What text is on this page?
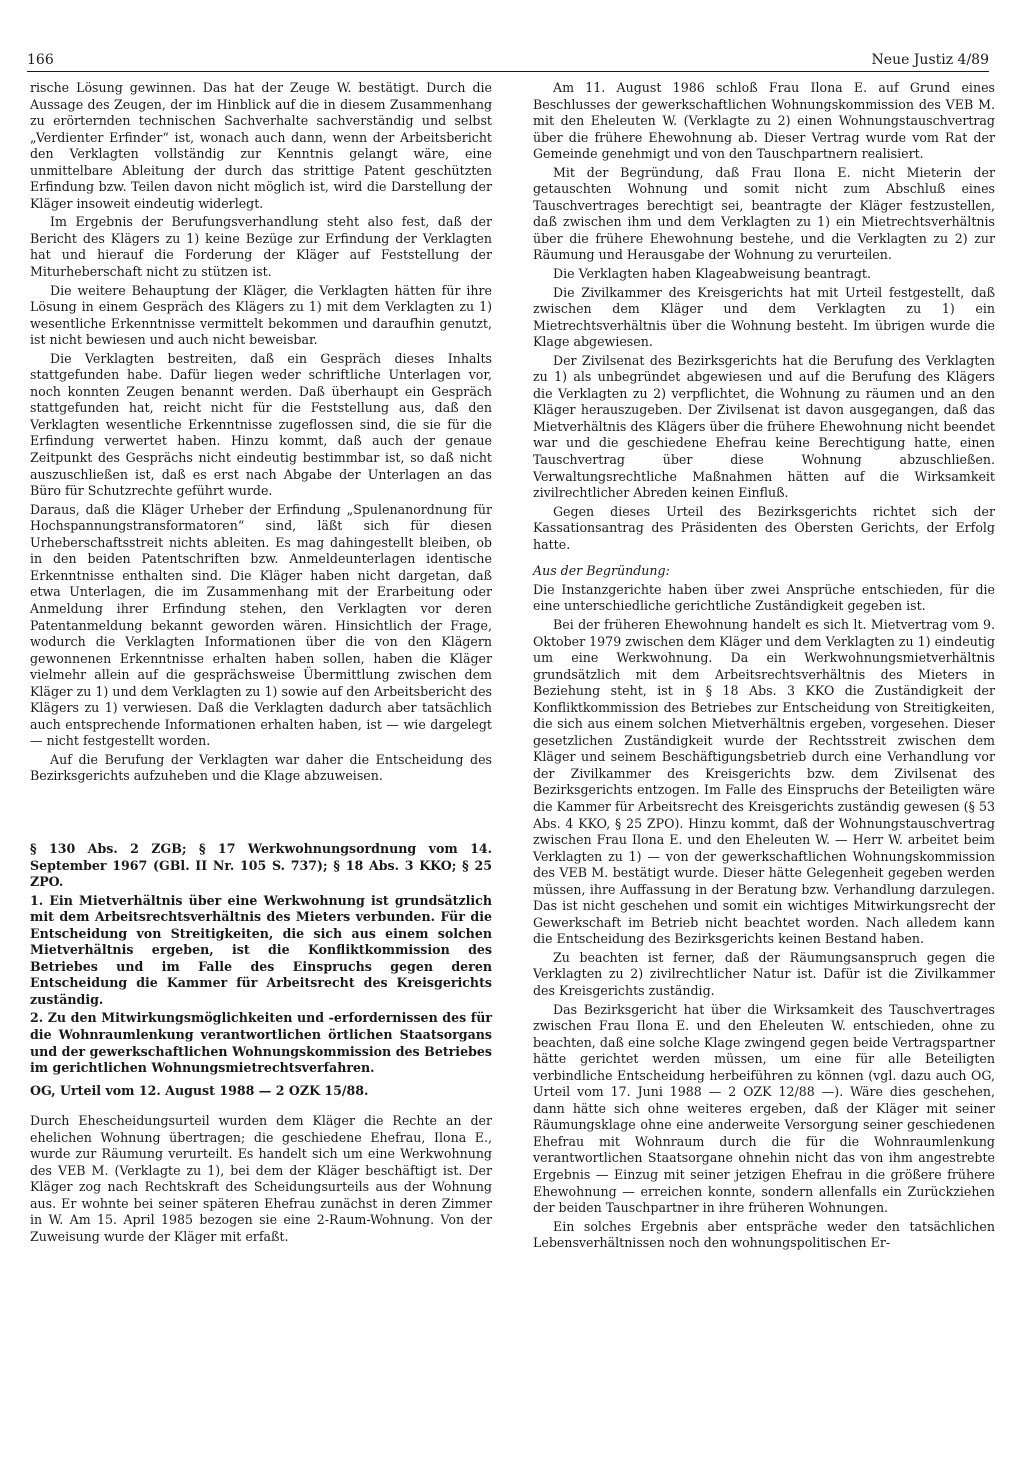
166	Neue Justiz 4/89

rische Lösung gewinnen. Das hat der Zeuge W. bestätigt. Durch die Aussage des Zeugen, der im Hinblick auf die in diesem Zusammenhang zu erörternden technischen Sachverhalte sachverständig und selbst „Verdienter Erfinder“ ist, wonach auch dann, wenn der Arbeitsbericht den Verklagten vollständig zur Kenntnis gelangt wäre, eine unmittelbare Ableitung der durch das strittige Patent geschützten Erfindung bzw. Teilen davon nicht möglich ist, wird die Darstellung der Kläger insoweit eindeutig widerlegt.

Im Ergebnis der Berufungsverhandlung steht also fest, daß der Bericht des Klägers zu 1) keine Bezüge zur Erfindung der Verklagten hat und hierauf die Forderung der Kläger auf Feststellung der Miturheberschaft nicht zu stützen ist.

Die weitere Behauptung der Kläger, die Verklagten hätten für ihre Lösung in einem Gespräch des Klägers zu 1) mit dem Verklagten zu 1) wesentliche Erkenntnisse vermittelt bekommen und daraufhin genutzt, ist nicht bewiesen und auch nicht beweisbar.

Die Verklagten bestreiten, daß ein Gespräch dieses Inhalts stattgefunden habe. Dafür liegen weder schriftliche Unterlagen vor, noch konnten Zeugen benannt werden. Daß überhaupt ein Gespräch stattgefunden hat, reicht nicht für die Feststellung aus, daß den Verklagten wesentliche Erkenntnisse zugeflossen sind, die sie für die Erfindung verwertet haben. Hinzu kommt, daß auch der genaue Zeitpunkt des Gesprächs nicht eindeutig bestimmbar ist, so daß nicht auszuschließen ist, daß es erst nach Abgabe der Unterlagen an das Büro für Schutzrechte geführt wurde.

Daraus, daß die Kläger Urheber der Erfindung „Spulenanordnung für Hochspannungstransformatoren“ sind, läßt sich für diesen Urheberschaftsstreit nichts ableiten. Es mag dahingestellt bleiben, ob in den beiden Patentschriften bzw. Anmeldeunterlagen identische Erkenntnisse enthalten sind. Die Kläger haben nicht dargetan, daß etwa Unterlagen, die im Zusammenhang mit der Erarbeitung oder Anmeldung ihrer Erfindung stehen, den Verklagten vor deren Patentanmeldung bekannt geworden wären. Hinsichtlich der Frage, wodurch die Verklagten Informationen über die von den Klägern gewonnenen Erkenntnisse erhalten haben sollen, haben die Kläger vielmehr allein auf die gesprächsweise Übermittlung zwischen dem Kläger zu 1) und dem Verklagten zu 1) sowie auf den Arbeitsbericht des Klägers zu 1) verwiesen. Daß die Verklagten dadurch aber tatsächlich auch entsprechende Informationen erhalten haben, ist — wie dargelegt — nicht festgestellt worden.

Auf die Berufung der Verklagten war daher die Entscheidung des Bezirksgerichts aufzuheben und die Klage abzuweisen.

§ 130 Abs. 2 ZGB; § 17 Werkwohnungsordnung vom 14. September 1967 (GBl. II Nr. 105 S. 737); § 18 Abs. 3 KKO; § 25 ZPO.

1. Ein Mietverhältnis über eine Werkwohnung ist grundsätzlich mit dem Arbeitsrechtsverhältnis des Mieters verbunden. Für die Entscheidung von Streitigkeiten, die sich aus einem solchen Mietverhältnis ergeben, ist die Konfliktkommission des Betriebes und im Falle des Einspruchs gegen deren Entscheidung die Kammer für Arbeitsrecht des Kreisgerichts zuständig.

2. Zu den Mitwirkungsmöglichkeiten und -erfordernissen des für die Wohnraumlenkung verantwortlichen örtlichen Staatsorgans und der gewerkschaftlichen Wohnungskommission des Betriebes im gerichtlichen Wohnungsmietrechtsverfahren.

OG, Urteil vom 12. August 1988 — 2 OZK 15/88.

Durch Ehescheidungsurteil wurden dem Kläger die Rechte an der ehelichen Wohnung übertragen; die geschiedene Ehefrau, Ilona E., wurde zur Räumung verurteilt. Es handelt sich um eine Werkwohnung des VEB M. (Verklagte zu 1), bei dem der Kläger beschäftigt ist. Der Kläger zog nach Rechtskraft des Scheidungsurteils aus der Wohnung aus. Er wohnte bei seiner späteren Ehefrau zunächst in deren Zimmer in W. Am 15. April 1985 bezogen sie eine 2-Raum-Wohnung. Von der Zuweisung wurde der Kläger mit erfaßt.

Am 11. August 1986 schloß Frau Ilona E. auf Grund eines Beschlusses der gewerkschaftlichen Wohnungskommission des VEB M. mit den Eheleuten W. (Verklagte zu 2) einen Wohnungstauschvertrag über die frühere Ehewohnung ab. Dieser Vertrag wurde vom Rat der Gemeinde genehmigt und von den Tauschpartnern realisiert.

Mit der Begründung, daß Frau Ilona E. nicht Mieterin der getauschten Wohnung und somit nicht zum Abschluß eines Tauschvertrages berechtigt sei, beantragte der Kläger festzustellen, daß zwischen ihm und dem Verklagten zu 1) ein Mietrechtsverhältnis über die frühere Ehewohnung bestehe, und die Verklagten zu 2) zur Räumung und Herausgabe der Wohnung zu verurteilen.

Die Verklagten haben Klageabweisung beantragt.

Die Zivilkammer des Kreisgerichts hat mit Urteil festgestellt, daß zwischen dem Kläger und dem Verklagten zu 1) ein Mietrechtsverhältnis über die Wohnung besteht. Im übrigen wurde die Klage abgewiesen.

Der Zivilsenat des Bezirksgerichts hat die Berufung des Verklagten zu 1) als unbegründet abgewiesen und auf die Berufung des Klägers die Verklagten zu 2) verpflichtet, die Wohnung zu räumen und an den Kläger herauszugeben. Der Zivilsenat ist davon ausgegangen, daß das Mietverhältnis des Klägers über die frühere Ehewohnung nicht beendet war und die geschiedene Ehefrau keine Berechtigung hatte, einen Tauschvertrag über diese Wohnung abzuschließen. Verwaltungsrechtliche Maßnahmen hätten auf die Wirksamkeit zivilrechtlicher Abreden keinen Einfluß.

Gegen dieses Urteil des Bezirksgerichts richtet sich der Kassationsantrag des Präsidenten des Obersten Gerichts, der Erfolg hatte.

Aus der Begründung:

Die Instanzgerichte haben über zwei Ansprüche entschieden, für die eine unterschiedliche gerichtliche Zuständigkeit gegeben ist.

Bei der früheren Ehewohnung handelt es sich lt. Mietvertrag vom 9. Oktober 1979 zwischen dem Kläger und dem Verklagten zu 1) eindeutig um eine Werkwohnung. Da ein Werkwohnungsmietverhältnis grundsätzlich mit dem Arbeitsrechtsverhältnis des Mieters in Beziehung steht, ist in § 18 Abs. 3 KKO die Zuständigkeit der Konfliktkommission des Betriebes zur Entscheidung von Streitigkeiten, die sich aus einem solchen Mietverhältnis ergeben, vorgesehen. Dieser gesetzlichen Zuständigkeit wurde der Rechtsstreit zwischen dem Kläger und seinem Beschäftigungsbetrieb durch eine Verhandlung vor der Zivilkammer des Kreisgerichts bzw. dem Zivilsenat des Bezirksgerichts entzogen. Im Falle des Einspruchs der Beteiligten wäre die Kammer für Arbeitsrecht des Kreisgerichts zuständig gewesen (§ 53 Abs. 4 KKO, § 25 ZPO). Hinzu kommt, daß der Wohnungstauschvertrag zwischen Frau Ilona E. und den Eheleuten W. — Herr W. arbeitet beim Verklagten zu 1) — von der gewerkschaftlichen Wohnungskommission des VEB M. bestätigt wurde. Dieser hätte Gelegenheit gegeben werden müssen, ihre Auffassung in der Beratung bzw. Verhandlung darzulegen. Das ist nicht geschehen und somit ein wichtiges Mitwirkungsrecht der Gewerkschaft im Betrieb nicht beachtet worden. Nach alledem kann die Entscheidung des Bezirksgerichts keinen Bestand haben.

Zu beachten ist ferner, daß der Räumungsanspruch gegen die Verklagten zu 2) zivilrechtlicher Natur ist. Dafür ist die Zivilkammer des Kreisgerichts zuständig.

Das Bezirksgericht hat über die Wirksamkeit des Tauschvertrages zwischen Frau Ilona E. und den Eheleuten W. entschieden, ohne zu beachten, daß eine solche Klage zwingend gegen beide Vertragspartner hätte gerichtet werden müssen, um eine für alle Beteiligten verbindliche Entscheidung herbeiführen zu können (vgl. dazu auch OG, Urteil vom 17. Juni 1988 — 2 OZK 12/88 —). Wäre dies geschehen, dann hätte sich ohne weiteres ergeben, daß der Kläger mit seiner Räumungsklage ohne eine anderweite Versorgung seiner geschiedenen Ehefrau mit Wohnraum durch die für die Wohnraumlenkung verantwortlichen Staatsorgane ohnehin nicht das von ihm angestrebte Ergebnis — Einzug mit seiner jetzigen Ehefrau in die größere frühere Ehewohnung — erreichen konnte, sondern allenfalls ein Zurückziehen der beiden Tauschpartner in ihre früheren Wohnungen.

Ein solches Ergebnis aber entspräche weder den tatsächlichen Lebensverhältnissen noch den wohnungspolitischen Er-
